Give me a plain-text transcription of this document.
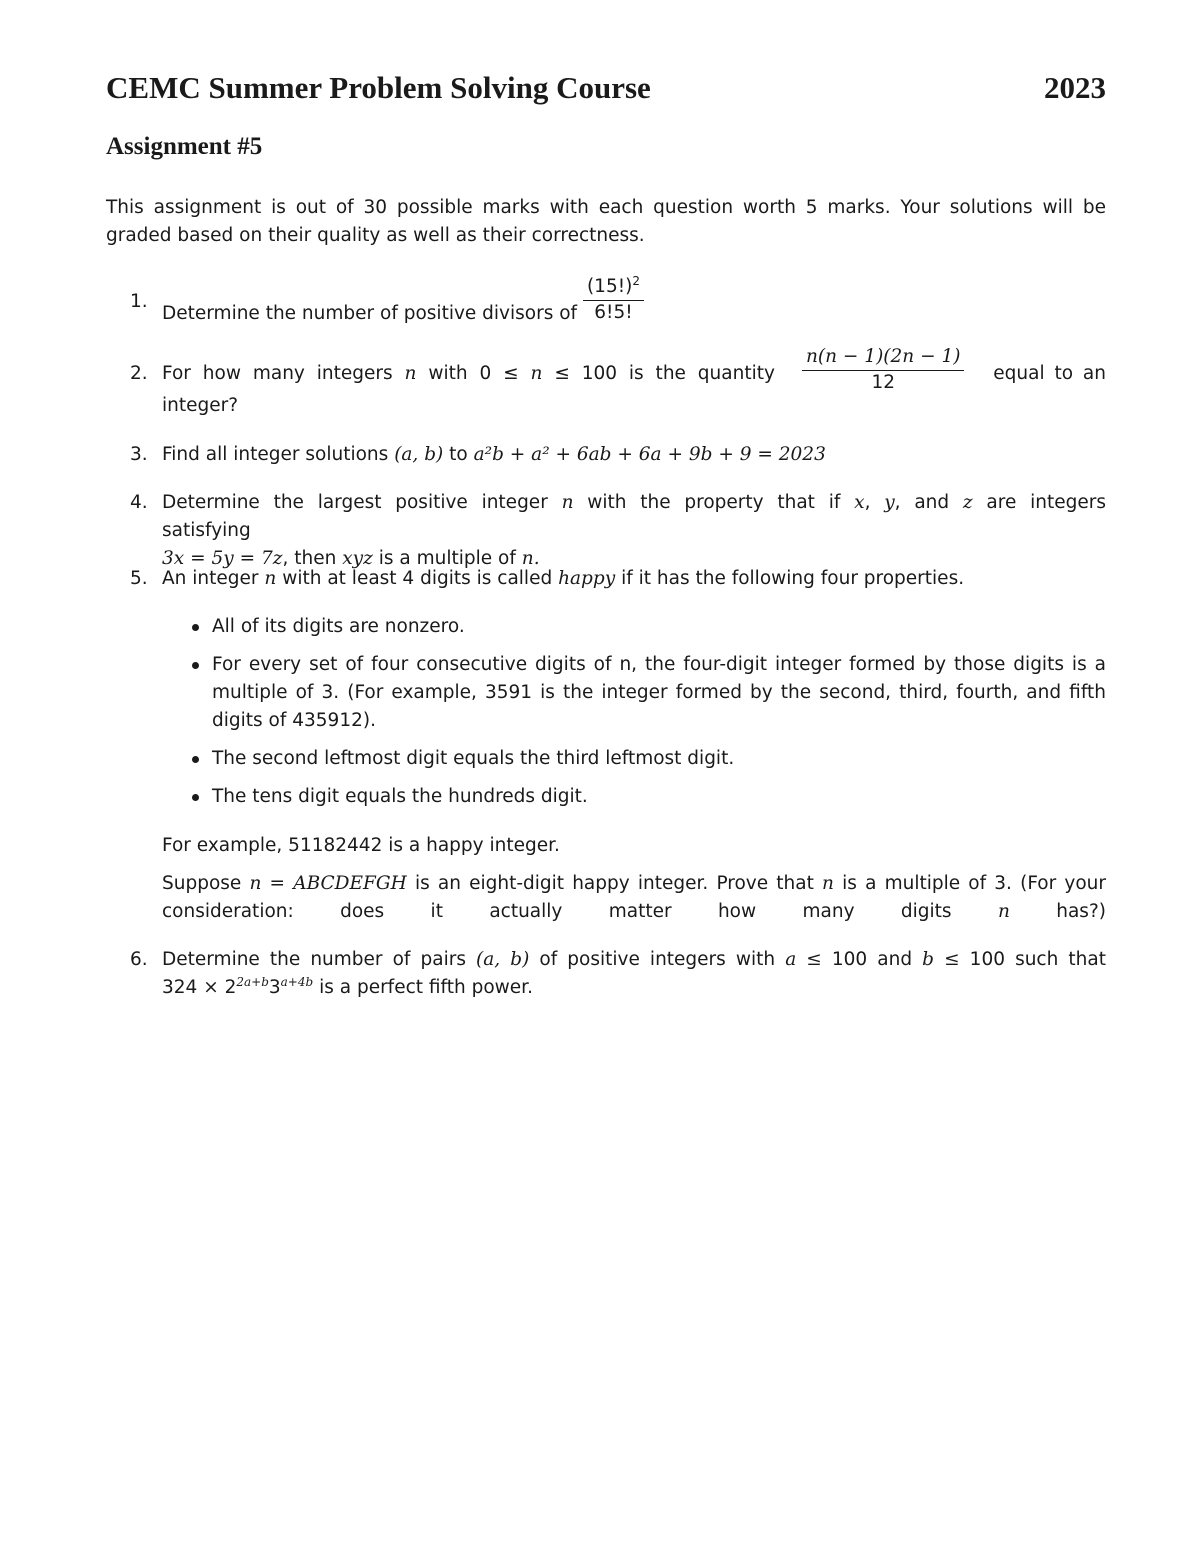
CEMC Summer Problem Solving Course	2023
Assignment #5
This assignment is out of 30 possible marks with each question worth 5 marks. Your solutions will be graded based on their quality as well as their correctness.
1.
Determine the number of positive divisors of $\frac{(15!)^2}{6!5!}$
2. For how many integers n with 0 ≤ n ≤ 100 is the quantity	$\frac{n(n - 1)(2n - 1)}{12}$	equal to an
integer?
3. Find all integer solutions (a, b) to a²b + a² + 6ab + 6a + 9b + 9 = 2023
4. Determine the largest positive integer n with the property that if x, y, and z are integers satisfying
3x = 5y = 7z, then xyz is a multiple of n.
5. An integer n with at least 4 digits is called happy if it has the following four properties.
All of its digits are nonzero.
For every set of four consecutive digits of n, the four-digit integer formed by those digits is a multiple of 3. (For example, 3591 is the integer formed by the second, third, fourth, and fifth digits of 435912).
The second leftmost digit equals the third leftmost digit.
The tens digit equals the hundreds digit.
For example, 51182442 is a happy integer.
Suppose n = ABCDEFGH is an eight-digit happy integer. Prove that n is a multiple of 3. (For your consideration: does it actually matter how many digits	n	has?)
6. Determine the number of pairs (a, b) of positive integers with a ≤ 100 and b ≤ 100 such that
$324 \times 2^{2a+b}3^{a+4b}$ is a perfect fifth power.
